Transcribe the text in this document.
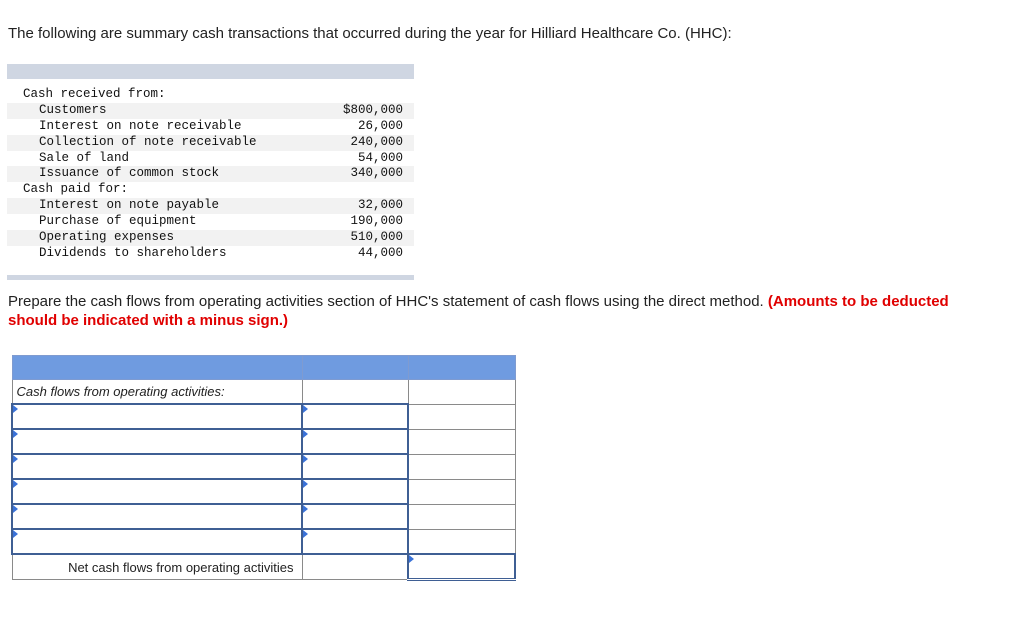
The following are summary cash transactions that occurred during the year for Hilliard Healthcare Co. (HHC):
Cash received from:
Customers	$800,000
Interest on note receivable	26,000
Collection of note receivable	240,000
Sale of land	54,000
Issuance of common stock	340,000
Cash paid for:
Interest on note payable	32,000
Purchase of equipment	190,000
Operating expenses	510,000
Dividends to shareholders	44,000
Prepare the cash flows from operating activities section of HHC's statement of cash flows using the direct method. (Amounts to be deducted should be indicated with a minus sign.)

Cash flows from operating activities:		

Net cash flows from operating activities		
